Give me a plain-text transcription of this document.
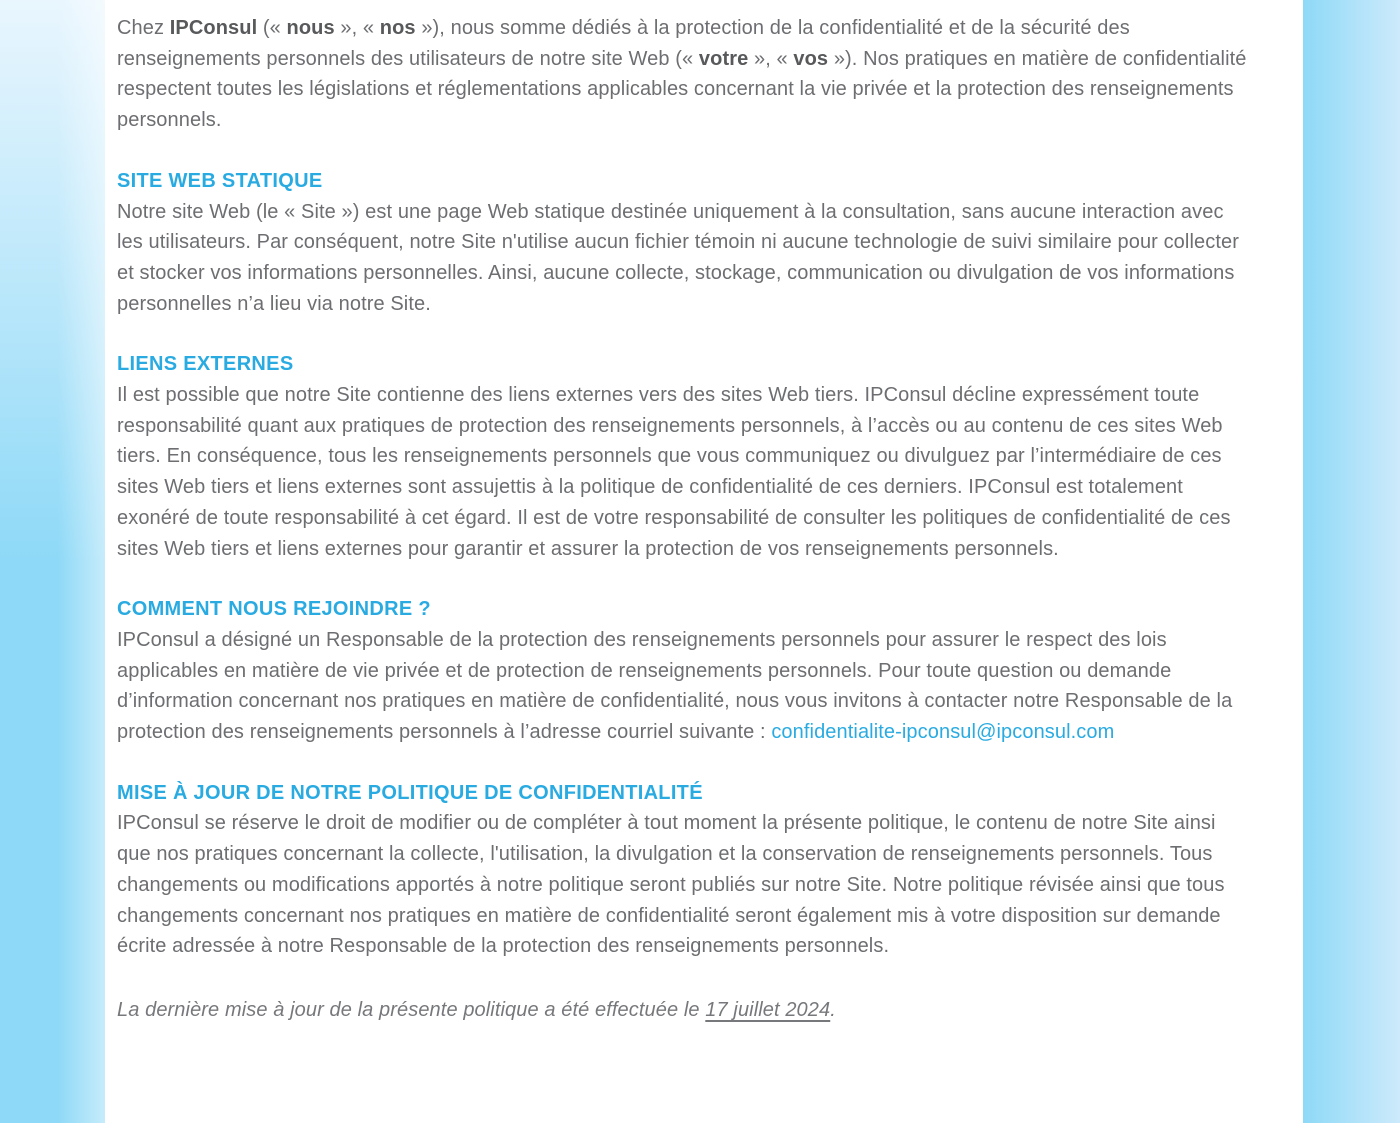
Chez IPConsul (« nous », « nos »), nous somme dédiés à la protection de la confidentialité et de la sécurité des renseignements personnels des utilisateurs de notre site Web (« votre », « vos »). Nos pratiques en matière de confidentialité respectent toutes les législations et réglementations applicables concernant la vie privée et la protection des renseignements personnels.

SITE WEB STATIQUE

Notre site Web (le « Site ») est une page Web statique destinée uniquement à la consultation, sans aucune interaction avec les utilisateurs. Par conséquent, notre Site n'utilise aucun fichier témoin ni aucune technologie de suivi similaire pour collecter et stocker vos informations personnelles. Ainsi, aucune collecte, stockage, communication ou divulgation de vos informations personnelles n’a lieu via notre Site.

LIENS EXTERNES

Il est possible que notre Site contienne des liens externes vers des sites Web tiers. IPConsul décline expressément toute responsabilité quant aux pratiques de protection des renseignements personnels, à l’accès ou au contenu de ces sites Web tiers. En conséquence, tous les renseignements personnels que vous communiquez ou divulguez par l’intermédiaire de ces sites Web tiers et liens externes sont assujettis à la politique de confidentialité de ces derniers. IPConsul est totalement exonéré de toute responsabilité à cet égard. Il est de votre responsabilité de consulter les politiques de confidentialité de ces sites Web tiers et liens externes pour garantir et assurer la protection de vos renseignements personnels.

COMMENT NOUS REJOINDRE ?

IPConsul a désigné un Responsable de la protection des renseignements personnels pour assurer le respect des lois applicables en matière de vie privée et de protection de renseignements personnels. Pour toute question ou demande d’information concernant nos pratiques en matière de confidentialité, nous vous invitons à contacter notre Responsable de la protection des renseignements personnels à l’adresse courriel suivante : confidentialite-ipconsul@ipconsul.com

MISE À JOUR DE NOTRE POLITIQUE DE CONFIDENTIALITÉ

IPConsul se réserve le droit de modifier ou de compléter à tout moment la présente politique, le contenu de notre Site ainsi que nos pratiques concernant la collecte, l'utilisation, la divulgation et la conservation de renseignements personnels. Tous changements ou modifications apportés à notre politique seront publiés sur notre Site. Notre politique révisée ainsi que tous changements concernant nos pratiques en matière de confidentialité seront également mis à votre disposition sur demande écrite adressée à notre Responsable de la protection des renseignements personnels.

La dernière mise à jour de la présente politique a été effectuée le 17 juillet 2024.
